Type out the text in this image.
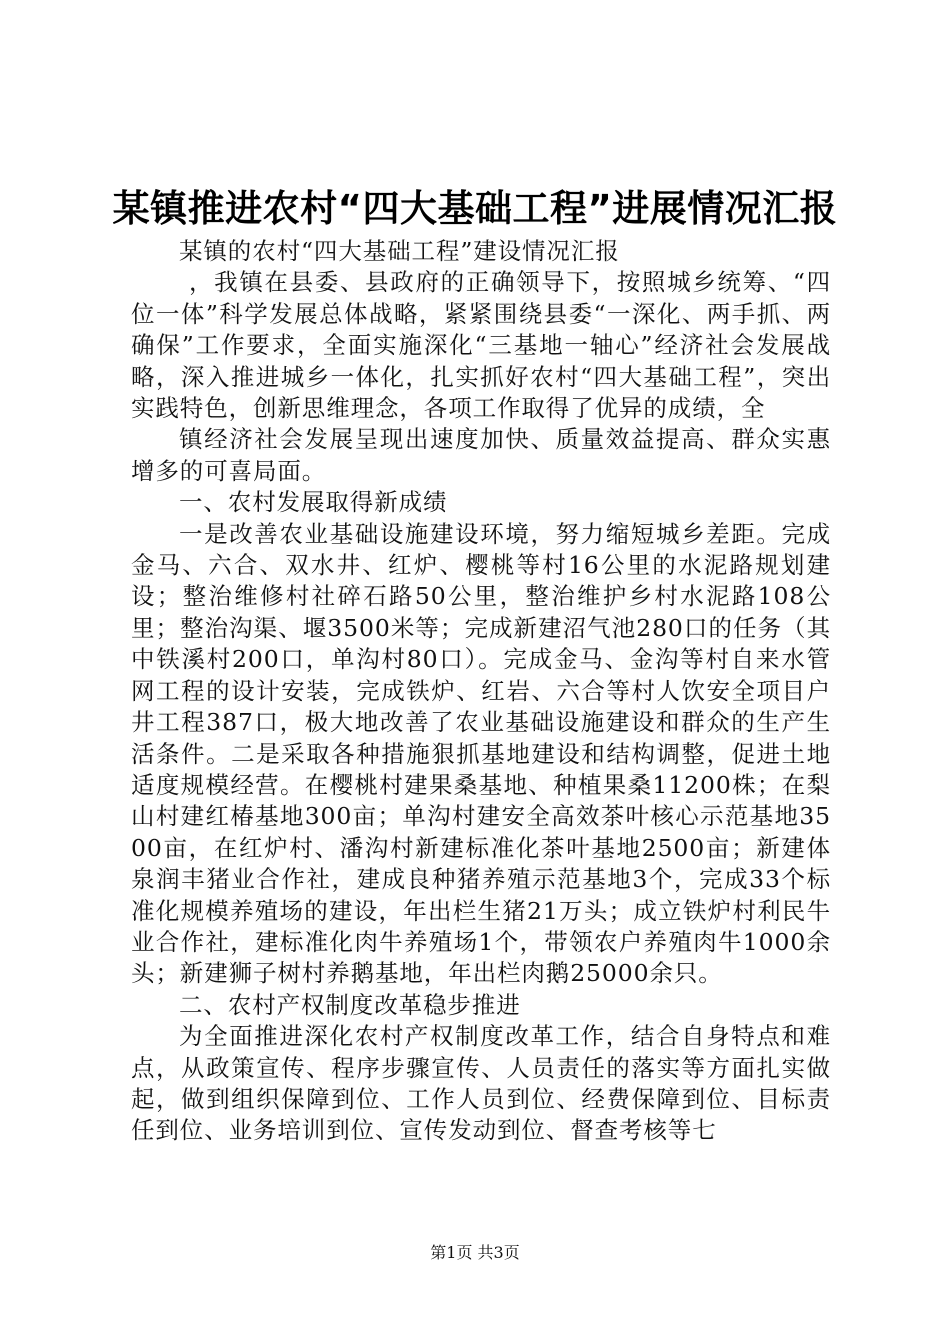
某镇推进农村“四大基础工程”进展情况汇报

某镇的农村“四大基础工程”建设情况汇报

，我镇在县委、县政府的正确领导下，按照城乡统筹、“四位一体”科学发展总体战略，紧紧围绕县委“一深化、两手抓、两确保”工作要求，全面实施深化“三基地一轴心”经济社会发展战略，深入推进城乡一体化，扎实抓好农村“四大基础工程”，突出实践特色，创新思维理念，各项工作取得了优异的成绩，全

镇经济社会发展呈现出速度加快、质量效益提高、群众实惠增多的可喜局面。

一、农村发展取得新成绩

一是改善农业基础设施建设环境，努力缩短城乡差距。完成金马、六合、双水井、红炉、樱桃等村16公里的水泥路规划建设；整治维修村社碎石路50公里，整治维护乡村水泥路108公里；整治沟渠、堰3500米等；完成新建沼气池280口的任务（其中铁溪村200口，单沟村80口）。完成金马、金沟等村自来水管网工程的设计安装，完成铁炉、红岩、六合等村人饮安全项目户井工程387口，极大地改善了农业基础设施建设和群众的生产生活条件。二是采取各种措施狠抓基地建设和结构调整，促进土地适度规模经营。在樱桃村建果桑基地、种植果桑11200株；在梨山村建红椿基地300亩；单沟村建安全高效茶叶核心示范基地3500亩，在红炉村、潘沟村新建标准化茶叶基地2500亩；新建体泉润丰猪业合作社，建成良种猪养殖示范基地3个，完成33个标准化规模养殖场的建设，年出栏生猪21万头；成立铁炉村利民牛业合作社，建标准化肉牛养殖场1个，带领农户养殖肉牛1000余头；新建狮子树村养鹅基地，年出栏肉鹅25000余只。

二、农村产权制度改革稳步推进

为全面推进深化农村产权制度改革工作，结合自身特点和难点，从政策宣传、程序步骤宣传、人员责任的落实等方面扎实做起，做到组织保障到位、工作人员到位、经费保障到位、目标责任到位、业务培训到位、宣传发动到位、督查考核等七

第1页 共3页
